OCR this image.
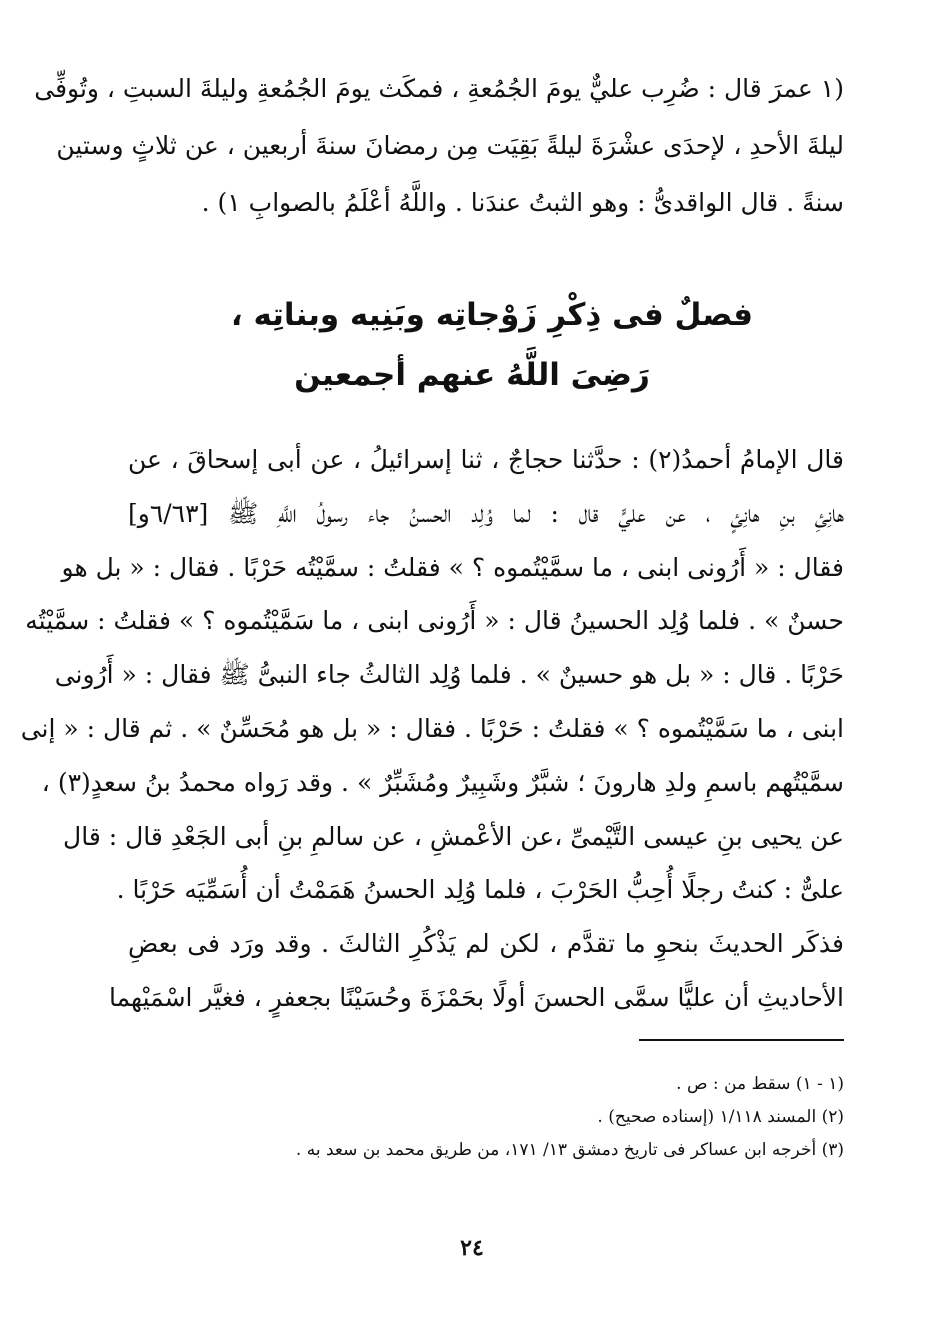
(١ عمرَ قال : ضُرِب عليٌّ يومَ الجُمُعةِ ، فمكَث يومَ الجُمُعةِ وليلةَ السبتِ ، وتُوفِّى
ليلةَ الأحدِ ، لإحدَى عشْرَةَ ليلةً بَقِيَت مِن رمضانَ سنةَ أربعين ، عن ثلاثٍ وستين
سنةً . قال الواقدىُّ : وهو الثبتُ عندَنا . واللَّهُ أعْلَمُ بالصوابِ ١) .
فصلٌ فى ذِكْرِ زَوْجاتِه وبَنِيه وبناتِه ،
رَضِىَ اللَّهُ عنهم أجمعين
قال الإمامُ أحمدُ(٢) : حدَّثنا حجاجٌ ، ثنا إسرائيلُ ، عن أبى إسحاقَ ، عن
هانِئِ بنِ هانِئٍ ، عن عليٍّ قال : لما وُلِد الحسنُ جاء رسولُ اللَّهِ ﷺ [٦/٦٣و]
فقال : « أَرُونى ابنى ، ما سمَّيْتُموه ؟ » فقلتُ : سمَّيْتُه حَرْبًا . فقال : « بل هو
حسنٌ » . فلما وُلِد الحسينُ قال : « أَرُونى ابنى ، ما سَمَّيْتُموه ؟ » فقلتُ : سمَّيْتُه
حَرْبًا . قال : « بل هو حسينٌ » . فلما وُلِد الثالثُ جاء النبىُّ ﷺ فقال : « أَرُونى
ابنى ، ما سَمَّيْتُموه ؟ » فقلتُ : حَرْبًا . فقال : « بل هو مُحَسِّنٌ » . ثم قال : « إنى
سمَّيْتُهم باسمِ ولدِ هارونَ ؛ شبَّرٌ وشَبِيرٌ ومُشَبِّرٌ » . وقد رَواه محمدُ بنُ سعدٍ(٣) ،
عن يحيى بنِ عيسى التَّيْمىِّ ،عن الأعْمشِ ، عن سالمِ بنِ أبى الجَعْدِ قال : قال
علىٌّ : كنتُ رجلًا أُحِبُّ الحَرْبَ ، فلما وُلِد الحسنُ هَمَمْتُ أن أُسَمِّيَه حَرْبًا .
فذكَر الحديثَ بنحوِ ما تقدَّم ، لكن لم يَذْكُرِ الثالثَ . وقد ورَد فى بعضِ
الأحاديثِ أن عليًّا سمَّى الحسنَ أولًا بحَمْزَةَ وحُسَيْنًا بجعفرٍ ، فغيَّر اسْمَيْهما
(١ - ١) سقط من : ص .
(٢) المسند ١/١١٨ (إسناده صحيح) .
(٣) أخرجه ابن عساكر فى تاريخ دمشق ١٣/ ١٧١، من طريق محمد بن سعد به .
٢٤
